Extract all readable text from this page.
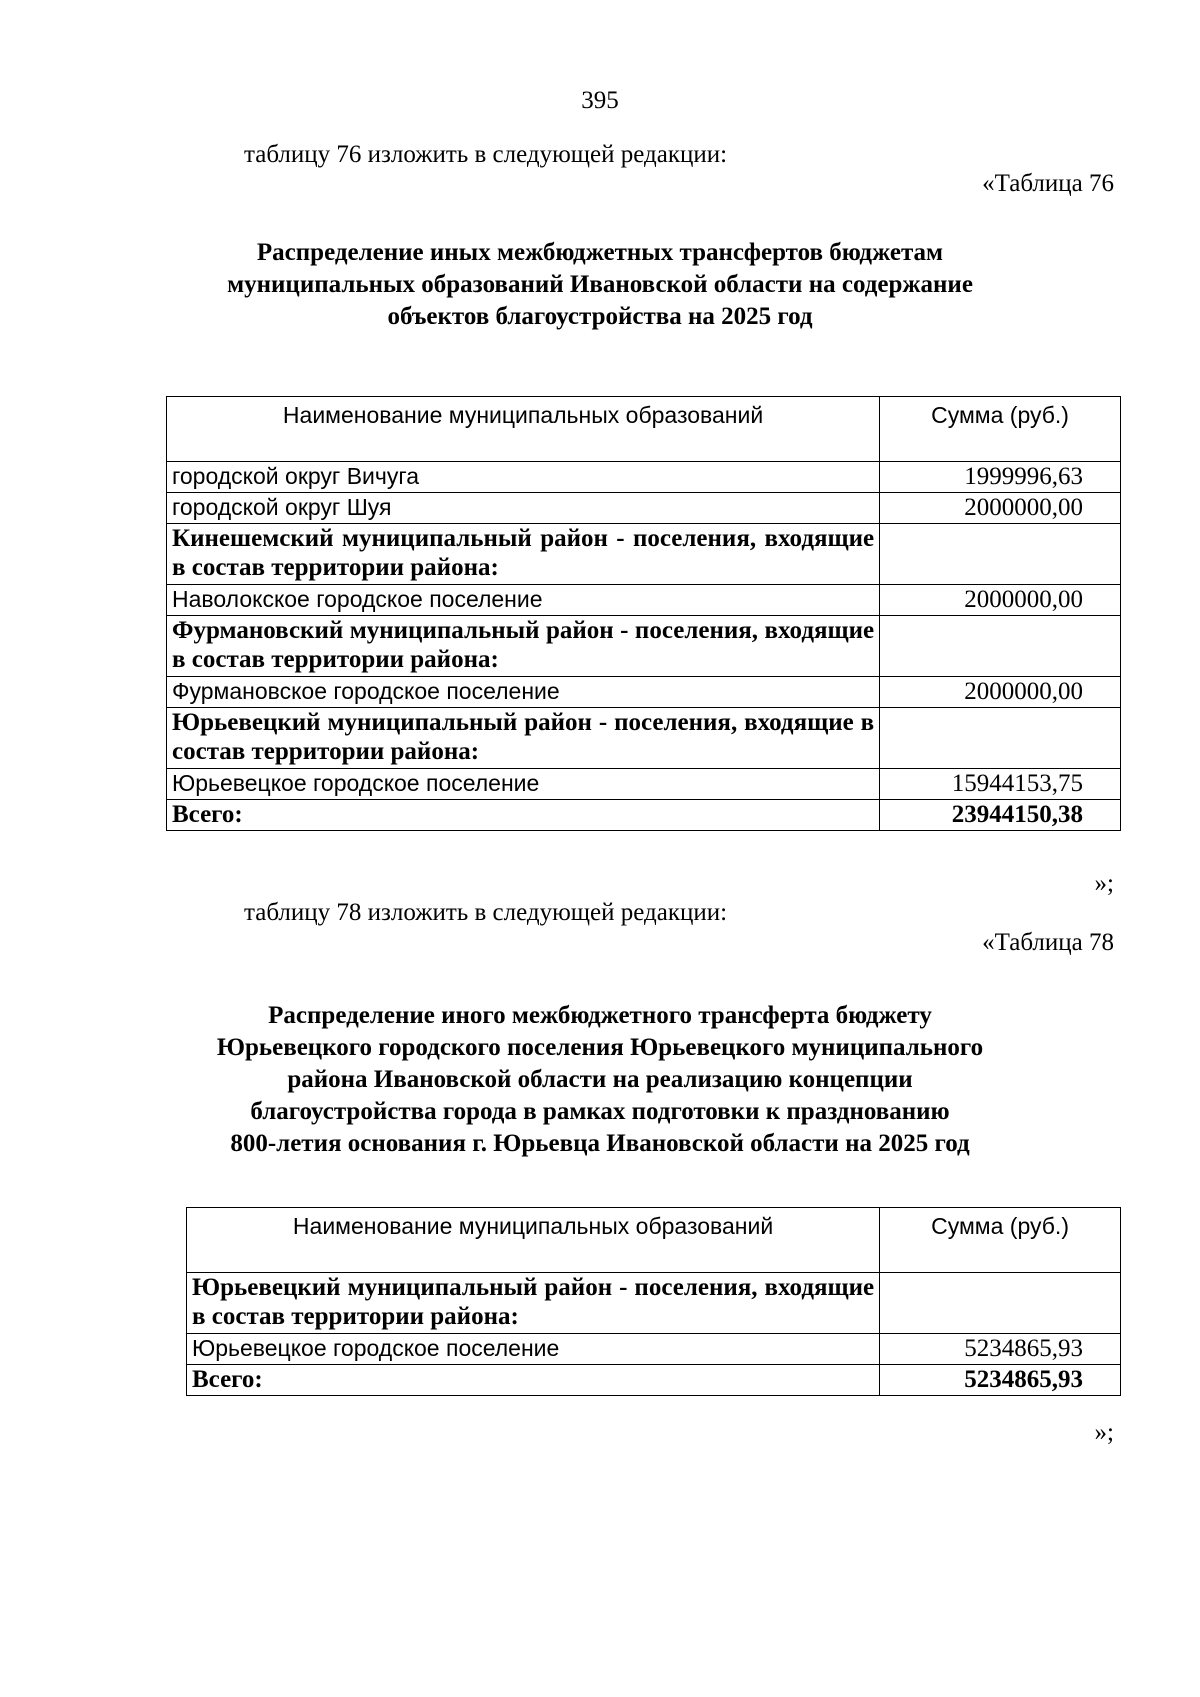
395
таблицу 76 изложить в следующей редакции:
«Таблица 76
Распределение иных межбюджетных трансфертов бюджетам
муниципальных образований Ивановской области на содержание
объектов благоустройства на 2025 год
Наименование муниципальных образований	Сумма (руб.)
городской округ Вичуга	1999996,63
городской округ Шуя	2000000,00
Кинешемский муниципальный район - поселения, входящие в состав территории района:	
Наволокское городское поселение	2000000,00
Фурмановский муниципальный район - поселения, входящие в состав территории района:	
Фурмановское городское поселение	2000000,00
Юрьевецкий муниципальный район - поселения, входящие в состав территории района:	
Юрьевецкое городское поселение	15944153,75
Всего:	23944150,38
»;
таблицу 78 изложить в следующей редакции:
«Таблица 78
Распределение иного межбюджетного трансферта бюджету
Юрьевецкого городского поселения Юрьевецкого муниципального
района Ивановской области на реализацию концепции
благоустройства города в рамках подготовки к празднованию
800-летия основания г. Юрьевца Ивановской области на 2025 год
Наименование муниципальных образований	Сумма (руб.)
Юрьевецкий муниципальный район - поселения, входящие в состав территории района:	
Юрьевецкое городское поселение	5234865,93
Всего:	5234865,93
»;
